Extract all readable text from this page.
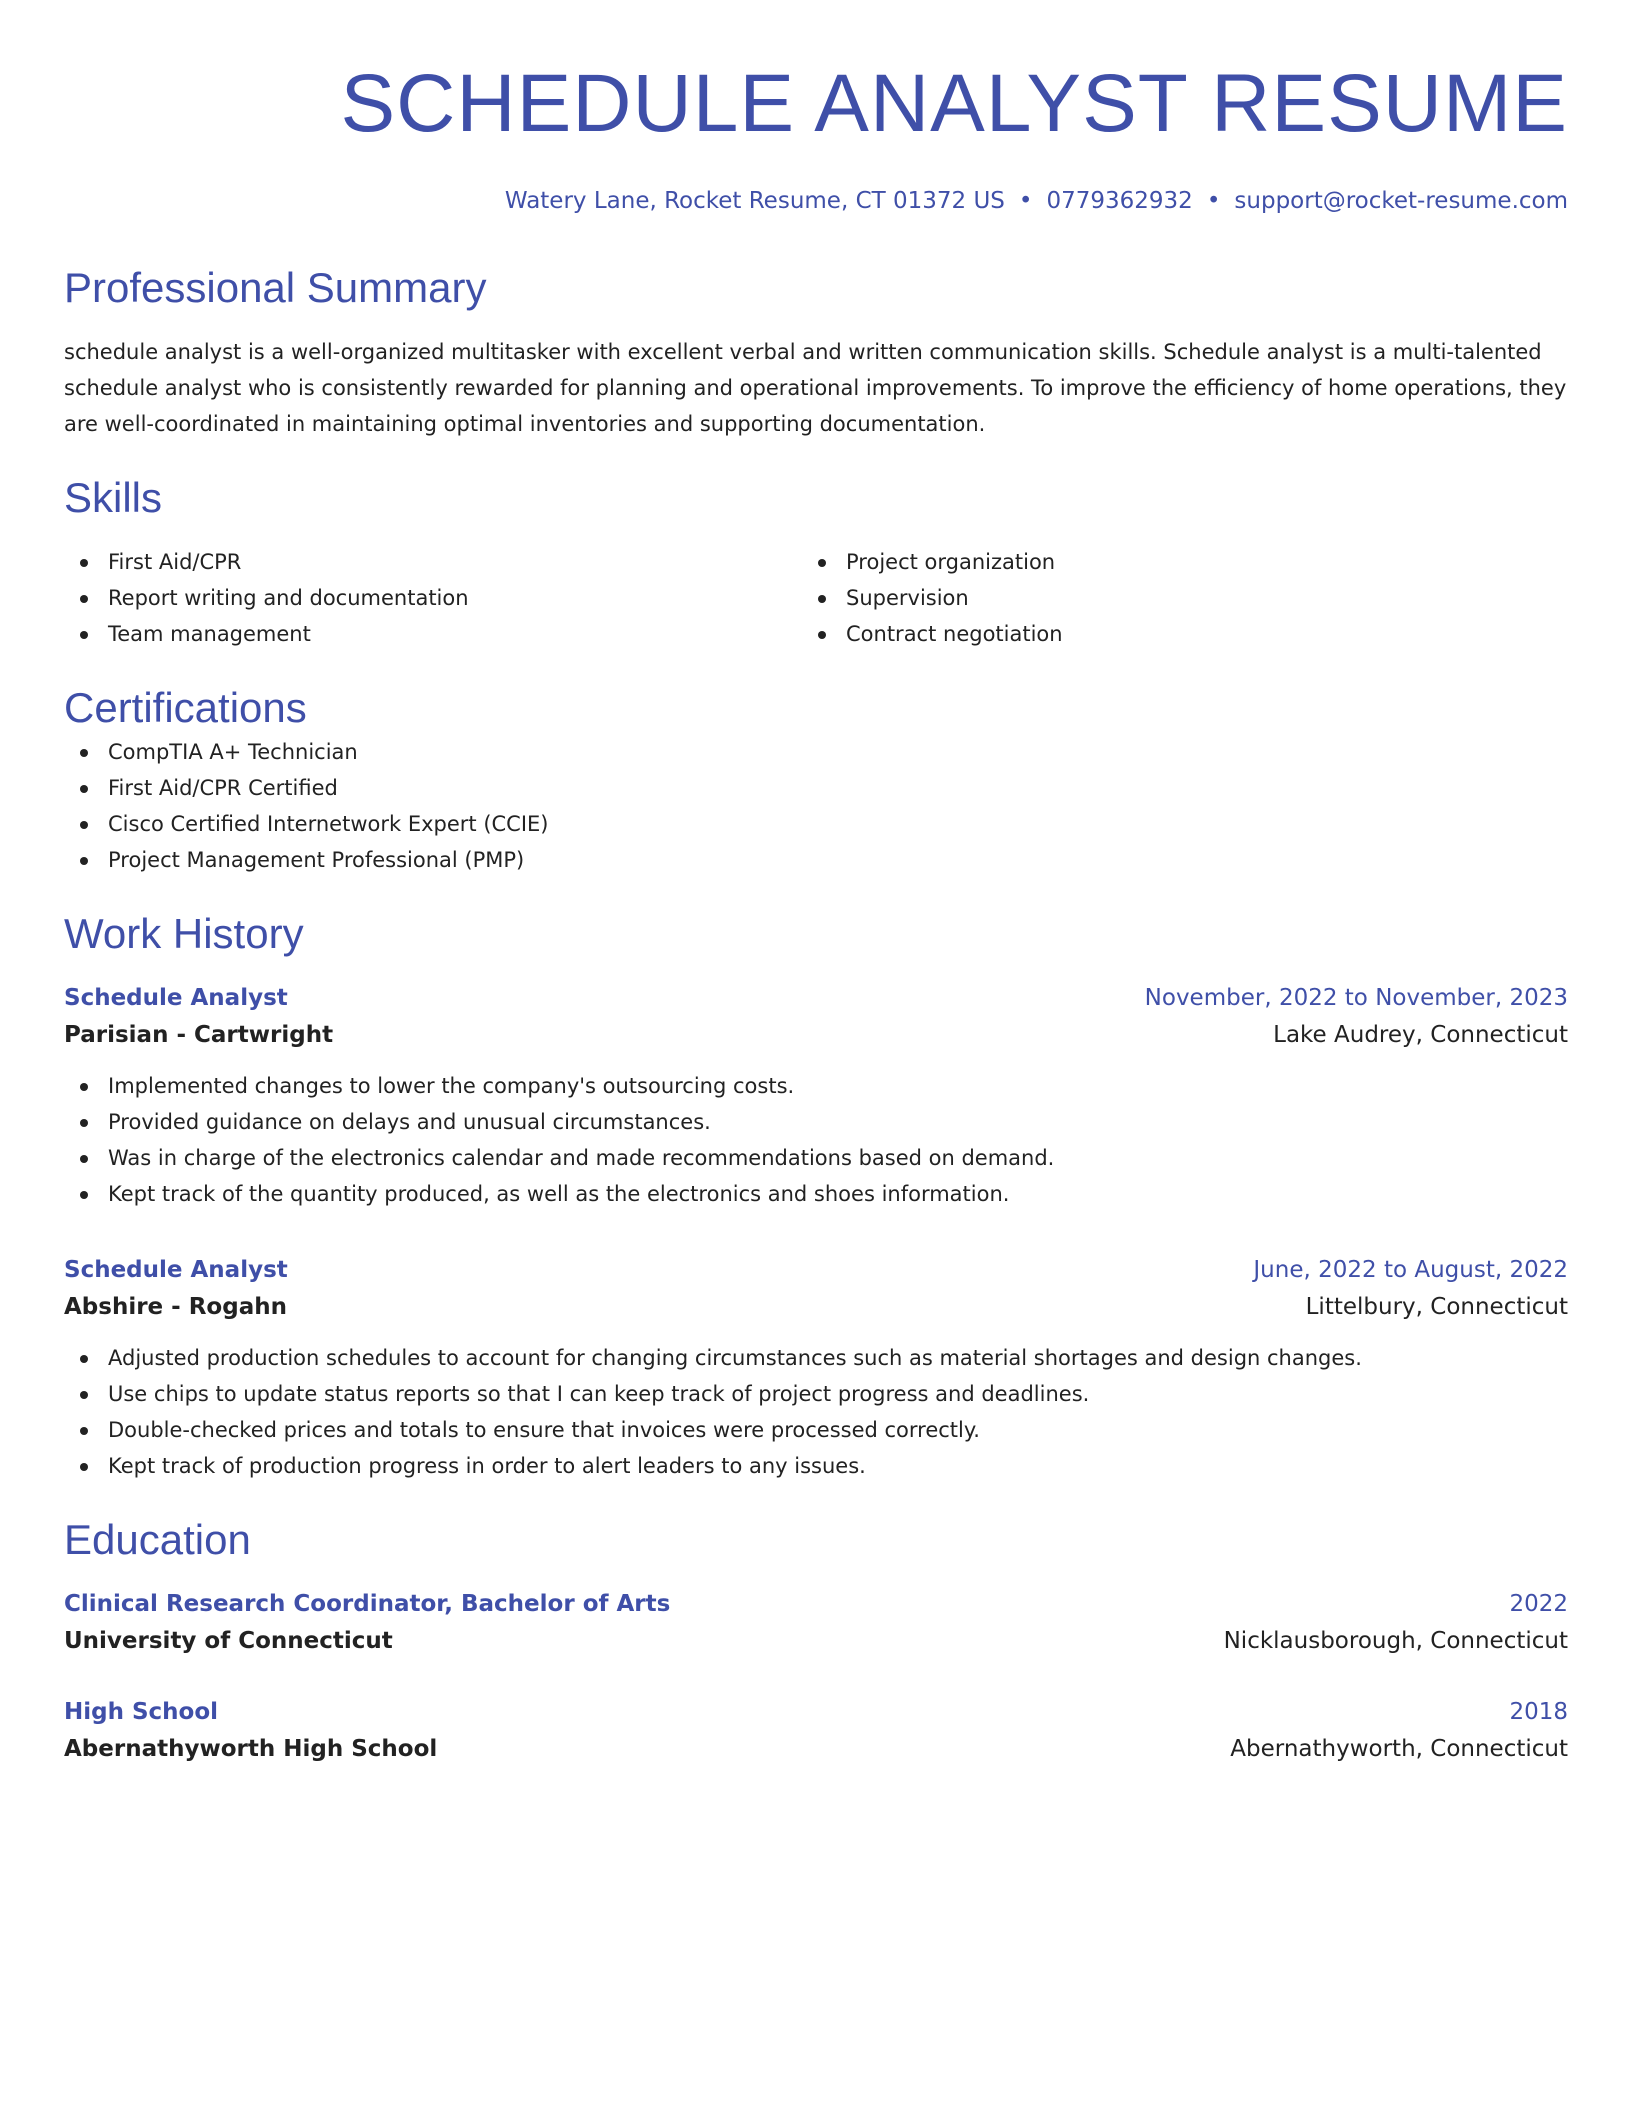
SCHEDULE ANALYST RESUME
Watery Lane, Rocket Resume, CT 01372 US • 0779362932 • support@rocket-resume.com
Professional Summary
schedule analyst is a well-organized multitasker with excellent verbal and written communication skills. Schedule analyst is a multi-talented schedule analyst who is consistently rewarded for planning and operational improvements. To improve the efficiency of home operations, they are well-coordinated in maintaining optimal inventories and supporting documentation.
Skills
First Aid/CPR
Report writing and documentation
Team management
Project organization
Supervision
Contract negotiation
Certifications
CompTIA A+ Technician
First Aid/CPR Certified
Cisco Certified Internetwork Expert (CCIE)
Project Management Professional (PMP)
Work History
Schedule Analyst	November, 2022 to November, 2023
Parisian - Cartwright	Lake Audrey, Connecticut
Implemented changes to lower the company's outsourcing costs.
Provided guidance on delays and unusual circumstances.
Was in charge of the electronics calendar and made recommendations based on demand.
Kept track of the quantity produced, as well as the electronics and shoes information.
Schedule Analyst	June, 2022 to August, 2022
Abshire - Rogahn	Littelbury, Connecticut
Adjusted production schedules to account for changing circumstances such as material shortages and design changes.
Use chips to update status reports so that I can keep track of project progress and deadlines.
Double-checked prices and totals to ensure that invoices were processed correctly.
Kept track of production progress in order to alert leaders to any issues.
Education
Clinical Research Coordinator, Bachelor of Arts	2022
University of Connecticut	Nicklausborough, Connecticut
High School	2018
Abernathyworth High School	Abernathyworth, Connecticut
